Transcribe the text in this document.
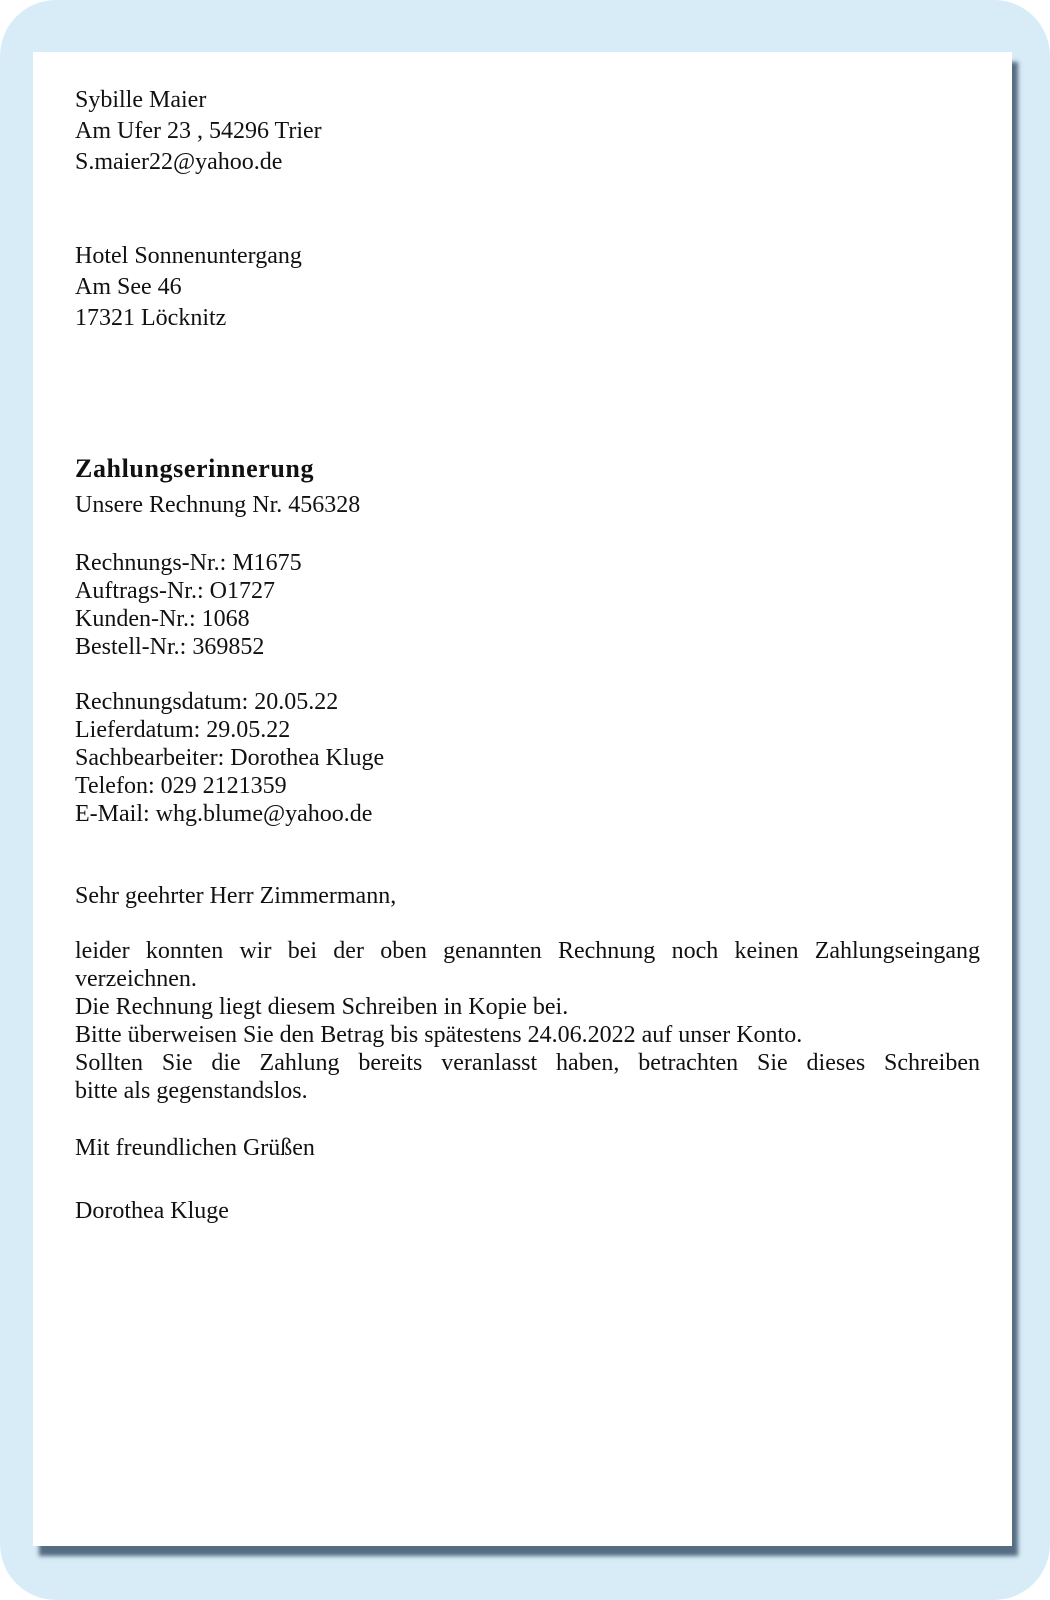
Sybille Maier
Am Ufer 23 , 54296 Trier
S.maier22@yahoo.de
Hotel Sonnenuntergang
Am See 46
17321 Löcknitz
Zahlungserinnerung
Unsere Rechnung Nr. 456328
Rechnungs-Nr.: M1675
Auftrags-Nr.: O1727
Kunden-Nr.: 1068
Bestell-Nr.: 369852
Rechnungsdatum: 20.05.22
Lieferdatum: 29.05.22
Sachbearbeiter: Dorothea Kluge
Telefon: 029 2121359
E-Mail: whg.blume@yahoo.de
Sehr geehrter Herr Zimmermann,
leider konnten wir bei der oben genannten Rechnung noch keinen Zahlungseingang
verzeichnen.
Die Rechnung liegt diesem Schreiben in Kopie bei.
Bitte überweisen Sie den Betrag bis spätestens 24.06.2022 auf unser Konto.
Sollten Sie die Zahlung bereits veranlasst haben, betrachten Sie dieses Schreiben
bitte als gegenstandslos.
Mit freundlichen Grüßen
Dorothea Kluge
